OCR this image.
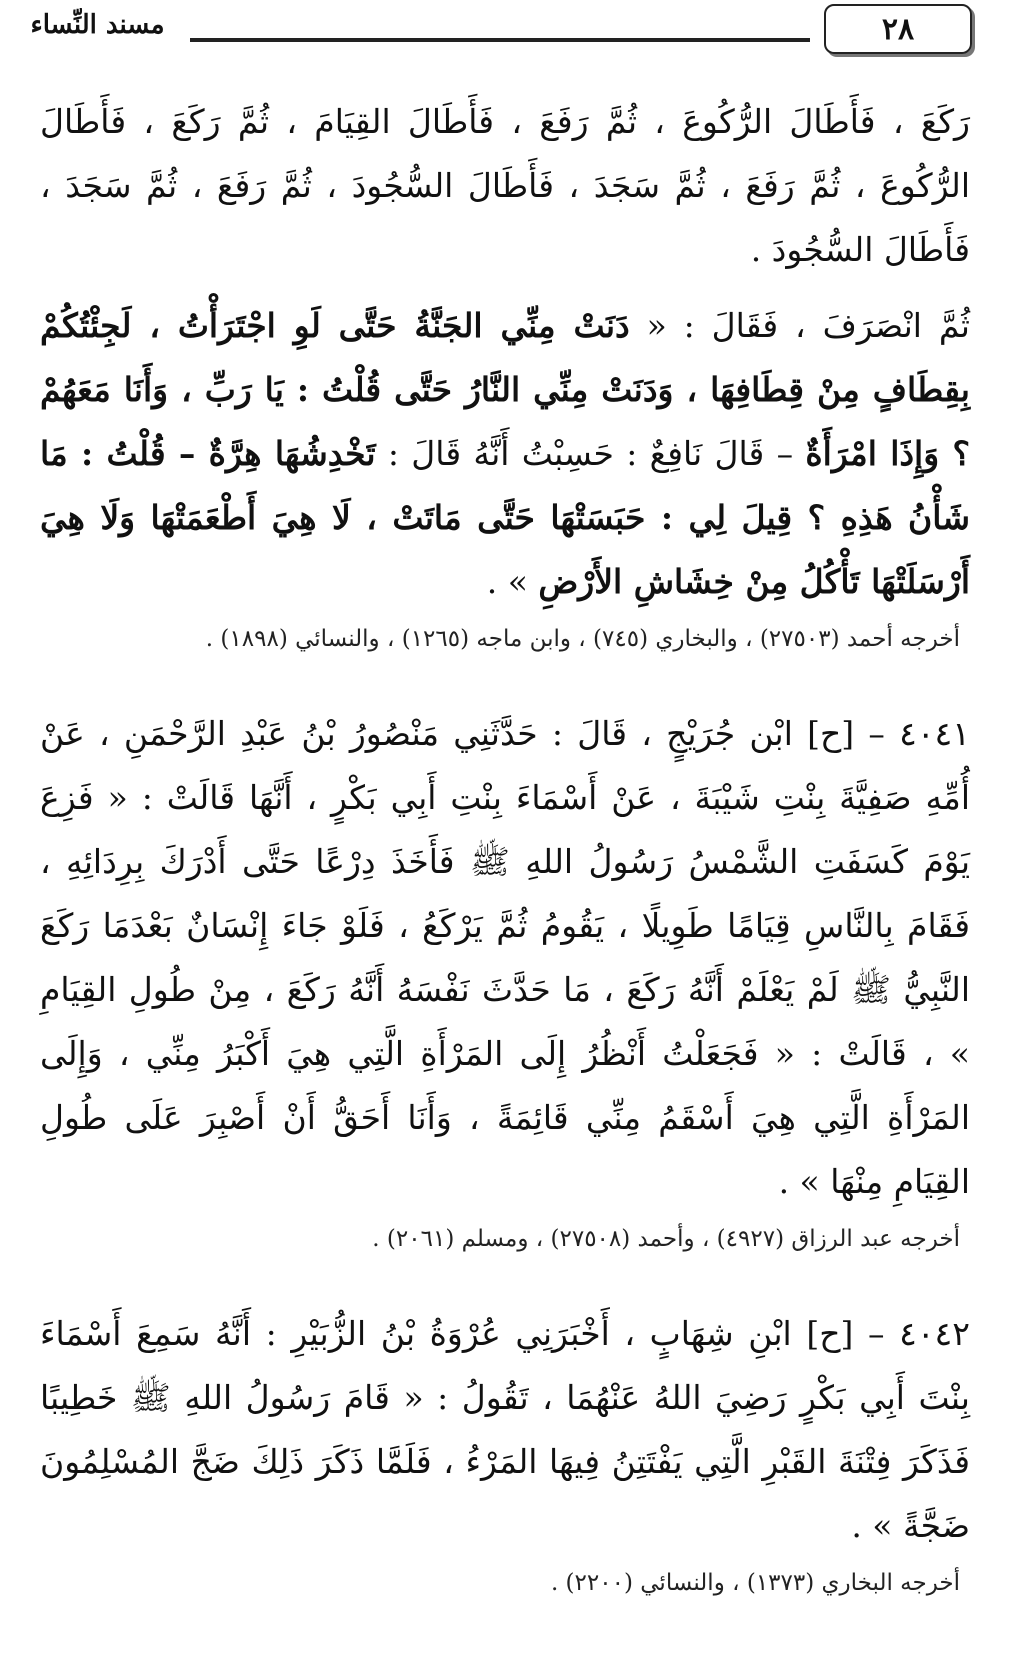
٢٨
مسند النِّساء

رَكَعَ ، فَأَطَالَ الرُّكُوعَ ، ثُمَّ رَفَعَ ، فَأَطَالَ القِيَامَ ، ثُمَّ رَكَعَ ، فَأَطَالَ الرُّكُوعَ ، ثُمَّ رَفَعَ ، ثُمَّ سَجَدَ ، فَأَطَالَ السُّجُودَ ، ثُمَّ رَفَعَ ، ثُمَّ سَجَدَ ، فَأَطَالَ السُّجُودَ .

ثُمَّ انْصَرَفَ ، فَقَالَ : « دَنَتْ مِنِّي الجَنَّةُ حَتَّى لَوِ اجْتَرَأْتُ ، لَجِئْتُكُمْ بِقِطَافٍ مِنْ قِطَافِهَا ، وَدَنَتْ مِنِّي النَّارُ حَتَّى قُلْتُ : يَا رَبِّ ، وَأَنَا مَعَهُمْ ؟ وَإِذَا امْرَأَةٌ – قَالَ نَافِعٌ : حَسِبْتُ أَنَّهُ قَالَ : تَخْدِشُهَا هِرَّةٌ – قُلْتُ : مَا شَأْنُ هَذِهِ ؟ قِيلَ لِي : حَبَسَتْهَا حَتَّى مَاتَتْ ، لَا هِيَ أَطْعَمَتْهَا وَلَا هِيَ أَرْسَلَتْهَا تَأْكُلُ مِنْ خِشَاشِ الأَرْضِ » .

أخرجه أحمد (٢٧٥٠٣) ، والبخاري (٧٤٥) ، وابن ماجه (١٢٦٥) ، والنسائي (١٨٩٨) .

٤٠٤١ – [ح] ابْن جُرَيْجٍ ، قَالَ : حَدَّثَنِي مَنْصُورُ بْنُ عَبْدِ الرَّحْمَنِ ، عَنْ أُمِّهِ صَفِيَّةَ بِنْتِ شَيْبَةَ ، عَنْ أَسْمَاءَ بِنْتِ أَبِي بَكْرٍ ، أَنَّهَا قَالَتْ : « فَزِعَ يَوْمَ كَسَفَتِ الشَّمْسُ رَسُولُ اللهِ ﷺ فَأَخَذَ دِرْعًا حَتَّى أَدْرَكَ بِرِدَائِهِ ، فَقَامَ بِالنَّاسِ قِيَامًا طَوِيلًا ، يَقُومُ ثُمَّ يَرْكَعُ ، فَلَوْ جَاءَ إِنْسَانٌ بَعْدَمَا رَكَعَ النَّبِيُّ ﷺ لَمْ يَعْلَمْ أَنَّهُ رَكَعَ ، مَا حَدَّثَ نَفْسَهُ أَنَّهُ رَكَعَ ، مِنْ طُولِ القِيَامِ » ، قَالَتْ : « فَجَعَلْتُ أَنْظُرُ إِلَى المَرْأَةِ الَّتِي هِيَ أَكْبَرُ مِنِّي ، وَإِلَى المَرْأَةِ الَّتِي هِيَ أَسْقَمُ مِنِّي قَائِمَةً ، وَأَنَا أَحَقُّ أَنْ أَصْبِرَ عَلَى طُولِ القِيَامِ مِنْهَا » .

أخرجه عبد الرزاق (٤٩٢٧) ، وأحمد (٢٧٥٠٨) ، ومسلم (٢٠٦١) .

٤٠٤٢ – [ح] ابْنِ شِهَابٍ ، أَخْبَرَنِي عُرْوَةُ بْنُ الزُّبَيْرِ : أَنَّهُ سَمِعَ أَسْمَاءَ بِنْتَ أَبِي بَكْرٍ رَضِيَ اللهُ عَنْهُمَا ، تَقُولُ : « قَامَ رَسُولُ اللهِ ﷺ خَطِيبًا فَذَكَرَ فِتْنَةَ القَبْرِ الَّتِي يَفْتَتِنُ فِيهَا المَرْءُ ، فَلَمَّا ذَكَرَ ذَلِكَ ضَجَّ المُسْلِمُونَ ضَجَّةً » .

أخرجه البخاري (١٣٧٣) ، والنسائي (٢٢٠٠) .
